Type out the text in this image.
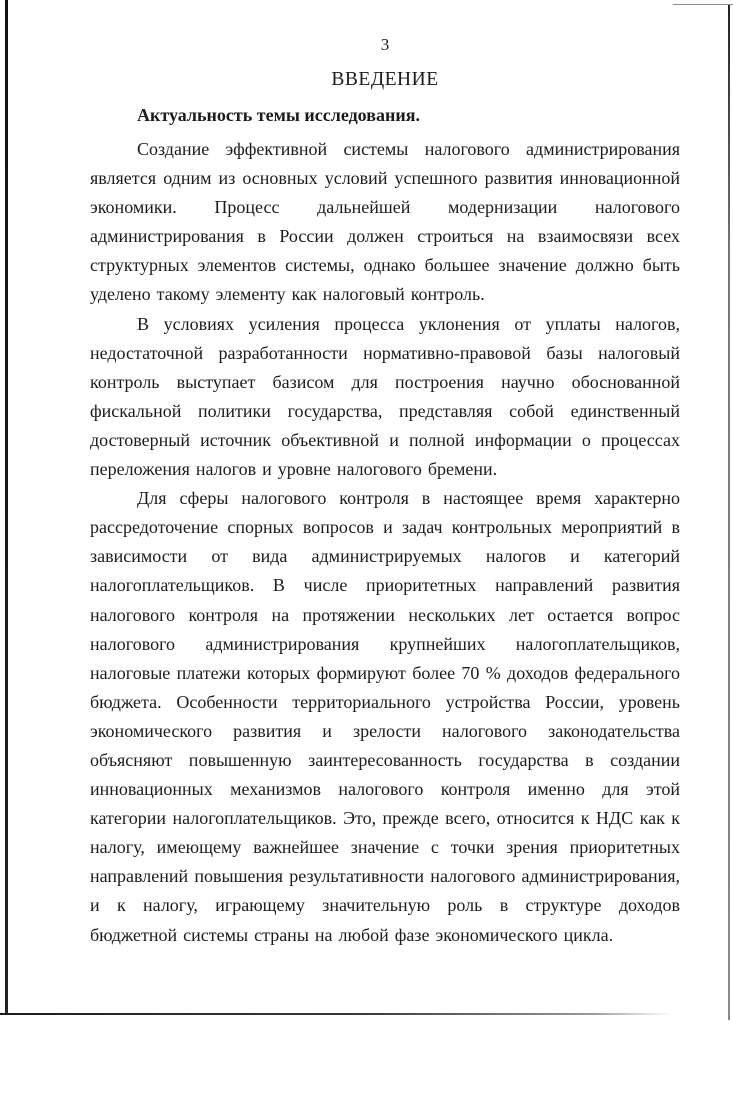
3
ВВЕДЕНИЕ
Актуальность темы исследования.

Создание эффективной системы налогового администрирования является одним из основных условий успешного развития инновационной экономики. Процесс дальнейшей модернизации налогового администрирования в России должен строиться на взаимосвязи всех структурных элементов системы, однако большее значение должно быть уделено такому элементу как налоговый контроль.

В условиях усиления процесса уклонения от уплаты налогов, недостаточной разработанности нормативно-правовой базы налоговый контроль выступает базисом для построения научно обоснованной фискальной политики государства, представляя собой единственный достоверный источник объективной и полной информации о процессах переложения налогов и уровне налогового бремени.

Для сферы налогового контроля в настоящее время характерно рассредоточение спорных вопросов и задач контрольных мероприятий в зависимости от вида администрируемых налогов и категорий налогоплательщиков. В числе приоритетных направлений развития налогового контроля на протяжении нескольких лет остается вопрос налогового администрирования крупнейших налогоплательщиков, налоговые платежи которых формируют более 70 % доходов федерального бюджета. Особенности территориального устройства России, уровень экономического развития и зрелости налогового законодательства объясняют повышенную заинтересованность государства в создании инновационных механизмов налогового контроля именно для этой категории налогоплательщиков. Это, прежде всего, относится к НДС как к налогу, имеющему важнейшее значение с точки зрения приоритетных направлений повышения результативности налогового администрирования, и к налогу, играющему значительную роль в структуре доходов бюджетной системы страны на любой фазе экономического цикла.
